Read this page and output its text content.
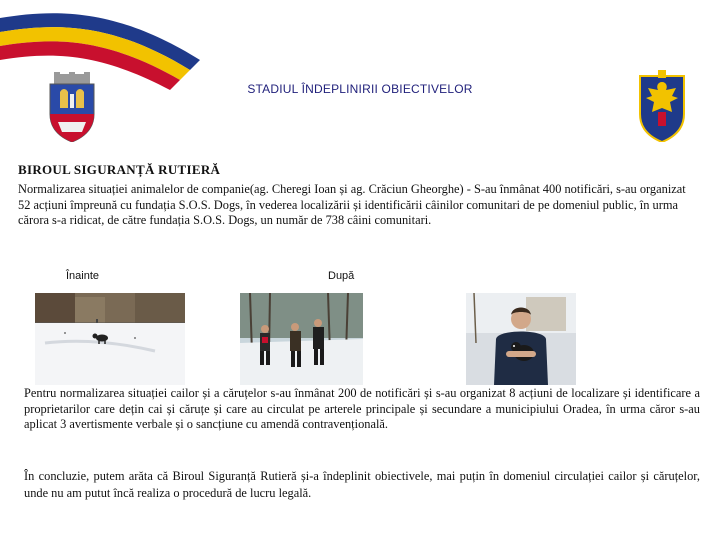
STADIUL ÎNDEPLINIRII OBIECTIVELOR
BIROUL SIGURANȚĂ RUTIERĂ
Normalizarea situației animalelor de companie(ag. Cheregi Ioan și ag. Crăciun Gheorghe) - S-au înmânat 400 notificări, s-au organizat 52 acțiuni împreună cu fundația S.O.S. Dogs, în vederea localizării și identificării câinilor comunitari de pe domeniul public, în urma cărora s-a ridicat, de către fundația S.O.S. Dogs, un număr de 738 câini comunitari.
Înainte	După
Pentru normalizarea situației cailor și a căruțelor s-au înmânat 200 de notificări și s-au organizat 8 acțiuni de localizare și identificare a proprietarilor care dețin cai și căruțe și care au circulat pe arterele principale și secundare a municipiului Oradea, în urma căror s-au aplicat 3 avertismente verbale și o sancțiune cu amendă contravențională.
În concluzie, putem arăta că Biroul Siguranță Rutieră și-a îndeplinit obiectivele, mai puțin în domeniul circulației cailor și căruțelor, unde nu am putut încă realiza o procedură de lucru legală.
